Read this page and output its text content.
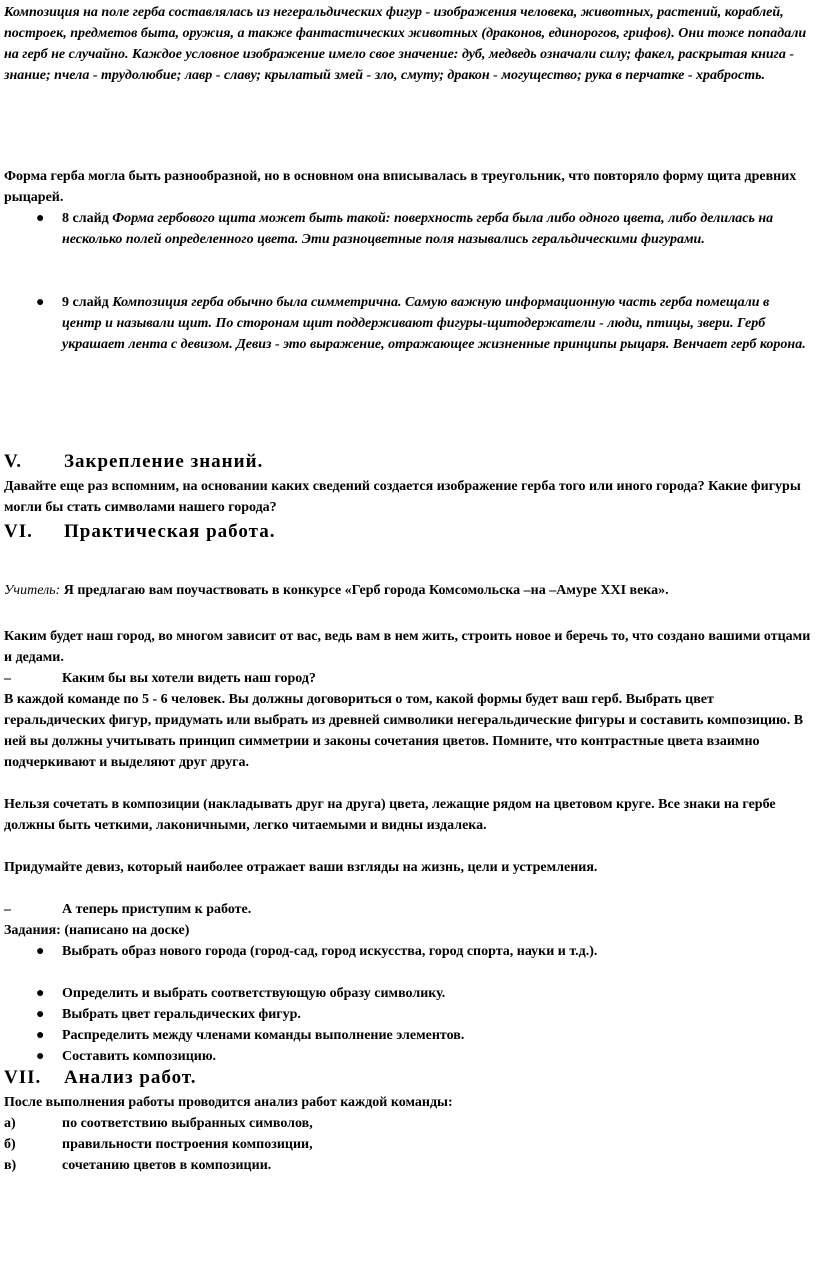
Композиция на поле герба составлялась из негеральдических фигур - изображения человека, животных, растений, кораблей, построек, предметов быта, оружия, а также фантастических животных (драконов, единорогов, грифов). Они тоже попадали на герб не случайно. Каждое условное изображение имело свое значение: дуб, медведь означали силу; факел, раскрытая книга - знание; пчела - трудолюбие; лавр - славу; крылатый змей - зло, смуту; дракон - могущество; рука в перчатке - храбрость.

Форма герба могла быть разнообразной, но в основном она вписывалась в треугольник, что повторяло форму щита древних рыцарей.

● 8 слайд Форма гербового щита может быть такой: поверхность герба была либо одного цвета, либо делилась на несколько полей определенного цвета. Эти разноцветные поля назывались геральдическими фигурами.
● 9 слайд Композиция герба обычно была симметрична. Самую важную информационную часть герба помещали в центр и называли щит. По сторонам щит поддерживают фигуры-щитодержатели - люди, птицы, звери. Герб украшает лента с девизом. Девиз - это выражение, отражающее жизненные принципы рыцаря. Венчает герб корона.
V. Закрепление знаний.

Давайте еще раз вспомним, на основании каких сведений создается изображение герба того или иного города? Какие фигуры могли бы стать символами нашего города?

VI. Практическая работа.

Учитель: Я предлагаю вам поучаствовать в конкурсе «Герб города Комсомольска –на –Амуре XXI века».

Каким будет наш город, во многом зависит от вас, ведь вам в нем жить, строить новое и беречь то, что создано вашими отцами и дедами.

–	Каким бы вы хотели видеть наш город?

В каждой команде по 5 - 6 человек. Вы должны договориться о том, какой формы будет ваш герб. Выбрать цвет геральдических фигур, придумать или выбрать из древней символики негеральдические фигуры и составить композицию. В ней вы должны учитывать принцип симметрии и законы сочетания цветов. Помните, что контрастные цвета взаимно подчеркивают и выделяют друг друга.

Нельзя сочетать в композиции (накладывать друг на друга) цвета, лежащие рядом на цветовом круге. Все знаки на гербе должны быть четкими, лаконичными, легко читаемыми и видны издалека.

Придумайте девиз, который наиболее отражает ваши взгляды на жизнь, цели и устремления.

–	А теперь приступим к работе.

Задания: (написано на доске)

● Выбрать образ нового города (город-сад, город искусства, город спорта, науки и т.д.).
● Определить и выбрать соответствующую образу символику.
● Выбрать цвет геральдических фигур.
● Распределить между членами команды выполнение элементов.
● Составить композицию.
VII. Анализ работ.

После выполнения работы проводится анализ работ каждой команды:

а)	по соответствию выбранных символов,

б)	правильности построения композиции,

в)	сочетанию цветов в композиции.
